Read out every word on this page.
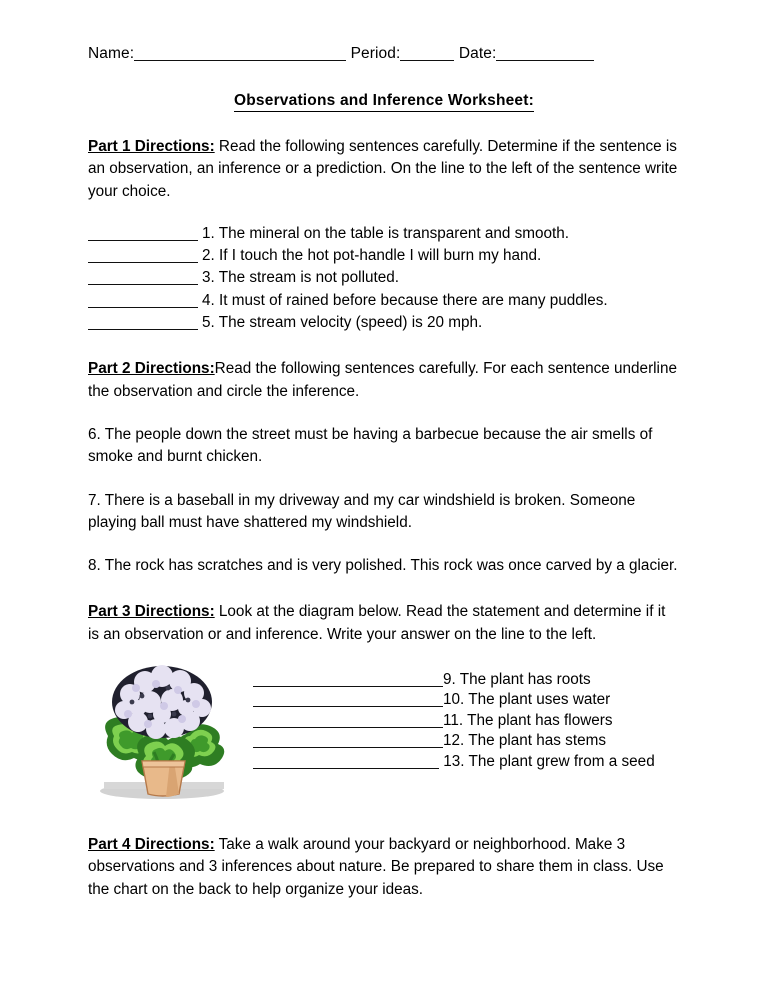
Name:	Period:	Date:
Observations and Inference Worksheet:
Part 1 Directions: Read the following sentences carefully. Determine if the sentence is an observation, an inference or a prediction. On the line to the left of the sentence write your choice.
1. The mineral on the table is transparent and smooth.
2. If I touch the hot pot-handle I will burn my hand.
3. The stream is not polluted.
4. It must of rained before because there are many puddles.
5. The stream velocity (speed) is 20 mph.
Part 2 Directions:Read the following sentences carefully. For each sentence underline the observation and circle the inference.
6. The people down the street must be having a barbecue because the air smells of smoke and burnt chicken.
7. There is a baseball in my driveway and my car windshield is broken. Someone playing ball must have shattered my windshield.
8. The rock has scratches and is very polished. This rock was once carved by a glacier.
Part 3 Directions: Look at the diagram below. Read the statement and determine if it is an observation or and inference. Write your answer on the line to the left.
9. The plant has roots
10. The plant uses water
11. The plant has flowers
12. The plant has stems
13. The plant grew from a seed
Part 4 Directions: Take a walk around your backyard or neighborhood. Make 3 observations and 3 inferences about nature. Be prepared to share them in class. Use the chart on the back to help organize your ideas.
